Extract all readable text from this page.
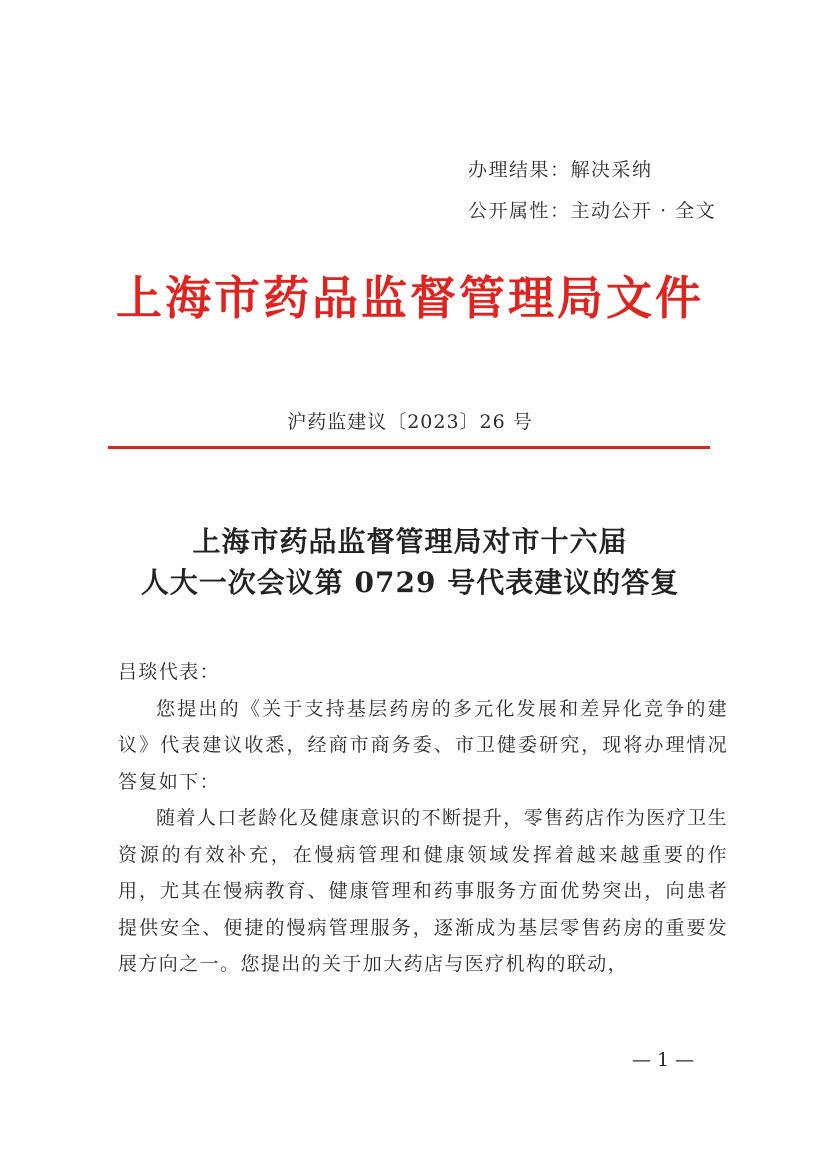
办理结果：解决采纳
公开属性：主动公开 · 全文
上海市药品监督管理局文件
沪药监建议〔2023〕26 号
上海市药品监督管理局对市十六届
人大一次会议第 0729 号代表建议的答复

吕琰代表：

您提出的《关于支持基层药房的多元化发展和差异化竞争的建议》代表建议收悉，经商市商务委、市卫健委研究，现将办理情况答复如下：

随着人口老龄化及健康意识的不断提升，零售药店作为医疗卫生资源的有效补充，在慢病管理和健康领域发挥着越来越重要的作用，尤其在慢病教育、健康管理和药事服务方面优势突出，向患者提供安全、便捷的慢病管理服务，逐渐成为基层零售药房的重要发展方向之一。您提出的关于加大药店与医疗机构的联动，

— 1 —
